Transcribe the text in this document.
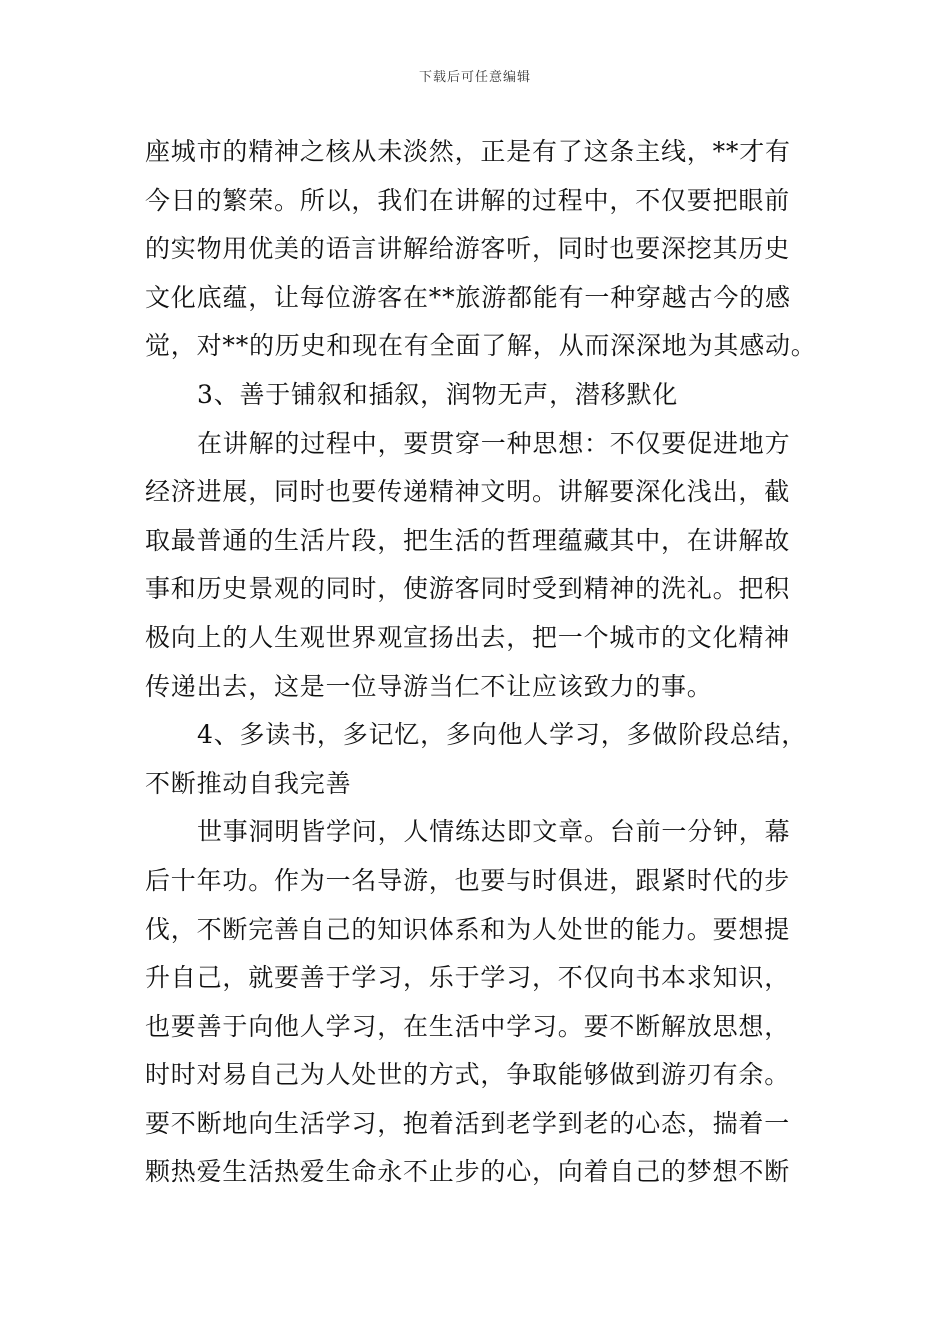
下载后可任意编辑
座城市的精神之核从未淡然，正是有了这条主线，**才有
今日的繁荣。所以，我们在讲解的过程中，不仅要把眼前
的实物用优美的语言讲解给游客听，同时也要深挖其历史
文化底蕴，让每位游客在**旅游都能有一种穿越古今的感
觉，对**的历史和现在有全面了解，从而深深地为其感动。
3、善于铺叙和插叙，润物无声，潜移默化
在讲解的过程中，要贯穿一种思想：不仅要促进地方
经济进展，同时也要传递精神文明。讲解要深化浅出，截
取最普通的生活片段，把生活的哲理蕴藏其中，在讲解故
事和历史景观的同时，使游客同时受到精神的洗礼。把积
极向上的人生观世界观宣扬出去，把一个城市的文化精神
传递出去，这是一位导游当仁不让应该致力的事。
4、多读书，多记忆，多向他人学习，多做阶段总结，
不断推动自我完善
世事洞明皆学问，人情练达即文章。台前一分钟，幕
后十年功。作为一名导游，也要与时俱进，跟紧时代的步
伐，不断完善自己的知识体系和为人处世的能力。要想提
升自己，就要善于学习，乐于学习，不仅向书本求知识，
也要善于向他人学习，在生活中学习。要不断解放思想，
时时对易自己为人处世的方式，争取能够做到游刃有余。
要不断地向生活学习，抱着活到老学到老的心态，揣着一
颗热爱生活热爱生命永不止步的心，向着自己的梦想不断
